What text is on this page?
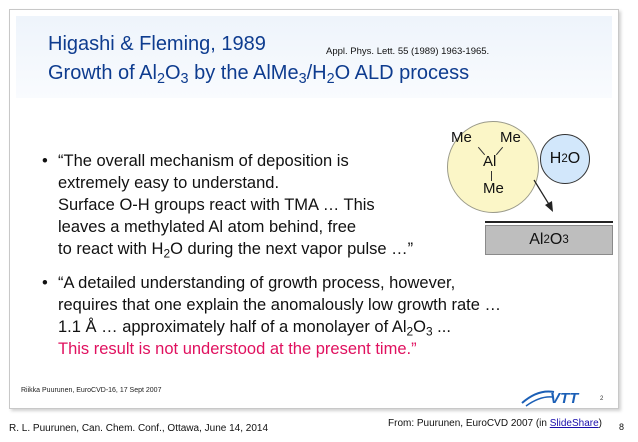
Higashi & Fleming, 1989
Growth of $Al_2O_3$ by the $AlMe_3/H_2O$ ALD process
Appl. Phys. Lett. 55 (1989) 1963-1965.
• “The overall mechanism of deposition is
extremely easy to understand.
Surface O-H groups react with TMA … This
leaves a methylated Al atom behind, free
to react with $H_2O$ during the next vapor pulse …”
• “A detailed understanding of growth process, however,
requires that one explain the anomalously low growth rate …
1.1 Å … approximately half of a monolayer of $Al_2O_3$ ...
This result is not understood at the present time.”
Me Me
Al
Me
H 2 O
Al 2 O 3
Riikka Puurunen, EuroCVD-16, 17 Sept 2007	VTT	2
R. L. Puurunen, Can. Chem. Conf., Ottawa, June 14, 2014	From: Puurunen, EuroCVD 2007 (in SlideShare) 8
